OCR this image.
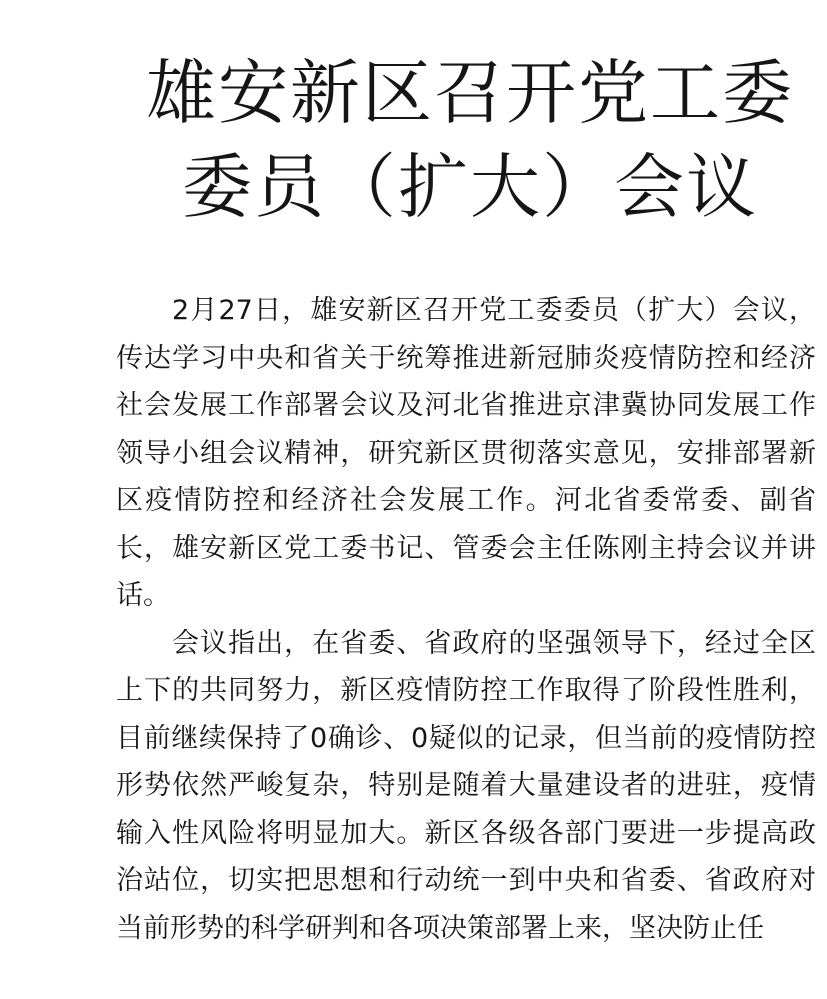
雄安新区召开党工委
委员（扩大）会议

2月27日，雄安新区召开党工委委员（扩大）会议，传达学习中央和省关于统筹推进新冠肺炎疫情防控和经济社会发展工作部署会议及河北省推进京津冀协同发展工作领导小组会议精神，研究新区贯彻落实意见，安排部署新区疫情防控和经济社会发展工作。河北省委常委、副省长，雄安新区党工委书记、管委会主任陈刚主持会议并讲话。

会议指出，在省委、省政府的坚强领导下，经过全区上下的共同努力，新区疫情防控工作取得了阶段性胜利，目前继续保持了0确诊、0疑似的记录，但当前的疫情防控形势依然严峻复杂，特别是随着大量建设者的进驻，疫情输入性风险将明显加大。新区各级各部门要进一步提高政治站位，切实把思想和行动统一到中央和省委、省政府对当前形势的科学研判和各项决策部署上来，坚决防止任
